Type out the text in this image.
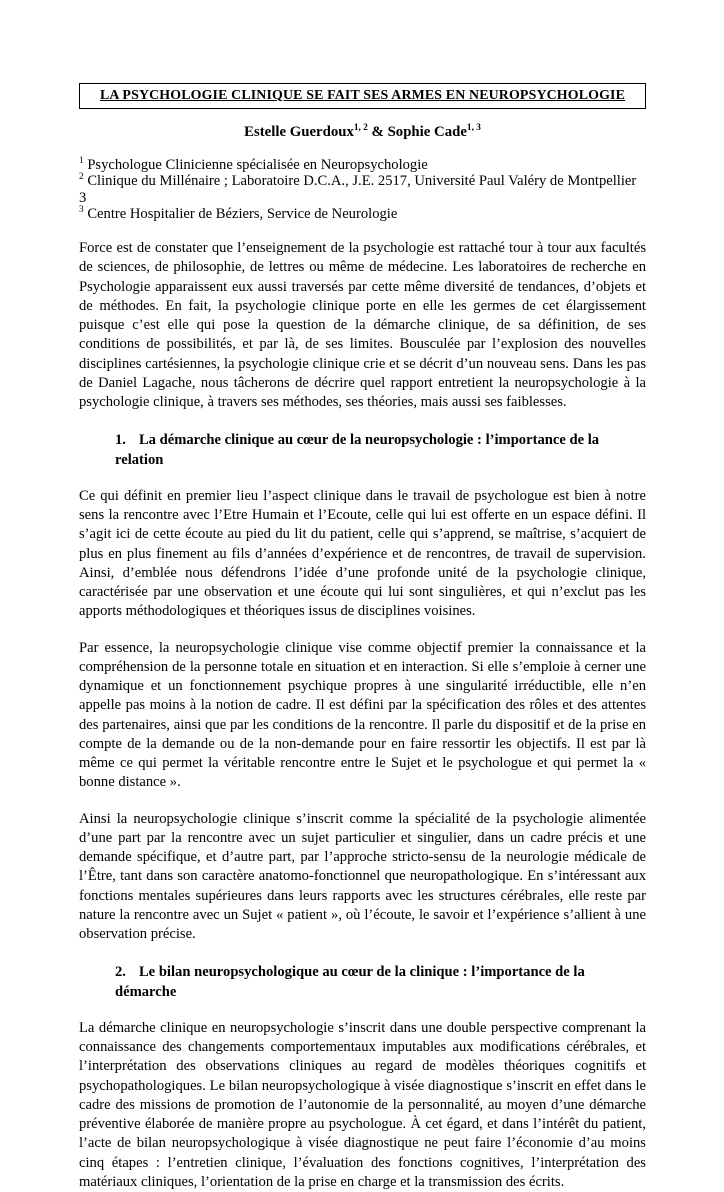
LA PSYCHOLOGIE CLINIQUE SE FAIT SES ARMES EN NEUROPSYCHOLOGIE

Estelle Guerdoux$^{1, 2}$ & Sophie Cade$^{1, 3}$

$^1$ Psychologue Clinicienne spécialisée en Neuropsychologie

$^2$ Clinique du Millénaire ; Laboratoire D.C.A., J.E. 2517, Université Paul Valéry de Montpellier 3

$^3$ Centre Hospitalier de Béziers, Service de Neurologie

Force est de constater que l’enseignement de la psychologie est rattaché tour à tour aux facultés de sciences, de philosophie, de lettres ou même de médecine. Les laboratoires de recherche en Psychologie apparaissent eux aussi traversés par cette même diversité de tendances, d’objets et de méthodes. En fait, la psychologie clinique porte en elle les germes de cet élargissement puisque c’est elle qui pose la question de la démarche clinique, de sa définition, de ses conditions de possibilités, et par là, de ses limites. Bousculée par l’explosion des nouvelles disciplines cartésiennes, la psychologie clinique crie et se décrit d’un nouveau sens. Dans les pas de Daniel Lagache, nous tâcherons de décrire quel rapport entretient la neuropsychologie à la psychologie clinique, à travers ses méthodes, ses théories, mais aussi ses faiblesses.

1. La démarche clinique au cœur de la neuropsychologie : l’importance de la relation

Ce qui définit en premier lieu l’aspect clinique dans le travail de psychologue est bien à notre sens la rencontre avec l’Etre Humain et l’Ecoute, celle qui lui est offerte en un espace défini. Il s’agit ici de cette écoute au pied du lit du patient, celle qui s’apprend, se maîtrise, s’acquiert de plus en plus finement au fils d’années d’expérience et de rencontres, de travail de supervision. Ainsi, d’emblée nous défendrons l’idée d’une profonde unité de la psychologie clinique, caractérisée par une observation et une écoute qui lui sont singulières, et qui n’exclut pas les apports méthodologiques et théoriques issus de disciplines voisines.

Par essence, la neuropsychologie clinique vise comme objectif premier la connaissance et la compréhension de la personne totale en situation et en interaction. Si elle s’emploie à cerner une dynamique et un fonctionnement psychique propres à une singularité irréductible, elle n’en appelle pas moins à la notion de cadre. Il est défini par la spécification des rôles et des attentes des partenaires, ainsi que par les conditions de la rencontre. Il parle du dispositif et de la prise en compte de la demande ou de la non-demande pour en faire ressortir les objectifs. Il est par là même ce qui permet la véritable rencontre entre le Sujet et le psychologue et qui permet la « bonne distance ».

Ainsi la neuropsychologie clinique s’inscrit comme la spécialité de la psychologie alimentée d’une part par la rencontre avec un sujet particulier et singulier, dans un cadre précis et une demande spécifique, et d’autre part, par l’approche stricto-sensu de la neurologie médicale de l’Être, tant dans son caractère anatomo-fonctionnel que neuropathologique. En s’intéressant aux fonctions mentales supérieures dans leurs rapports avec les structures cérébrales, elle reste par nature la rencontre avec un Sujet « patient », où l’écoute, le savoir et l’expérience s’allient à une observation précise.

2. Le bilan neuropsychologique au cœur de la clinique : l’importance de la démarche

La démarche clinique en neuropsychologie s’inscrit dans une double perspective comprenant la connaissance des changements comportementaux imputables aux modifications cérébrales, et l’interprétation des observations cliniques au regard de modèles théoriques cognitifs et psychopathologiques. Le bilan neuropsychologique à visée diagnostique s’inscrit en effet dans le cadre des missions de promotion de l’autonomie de la personnalité, au moyen d’une démarche préventive élaborée de manière propre au psychologue. À cet égard, et dans l’intérêt du patient, l’acte de bilan neuropsychologique à visée diagnostique ne peut faire l’économie d’au moins cinq étapes : l’entretien clinique, l’évaluation des fonctions cognitives, l’interprétation des matériaux cliniques, l’orientation de la prise en charge et la transmission des écrits.
